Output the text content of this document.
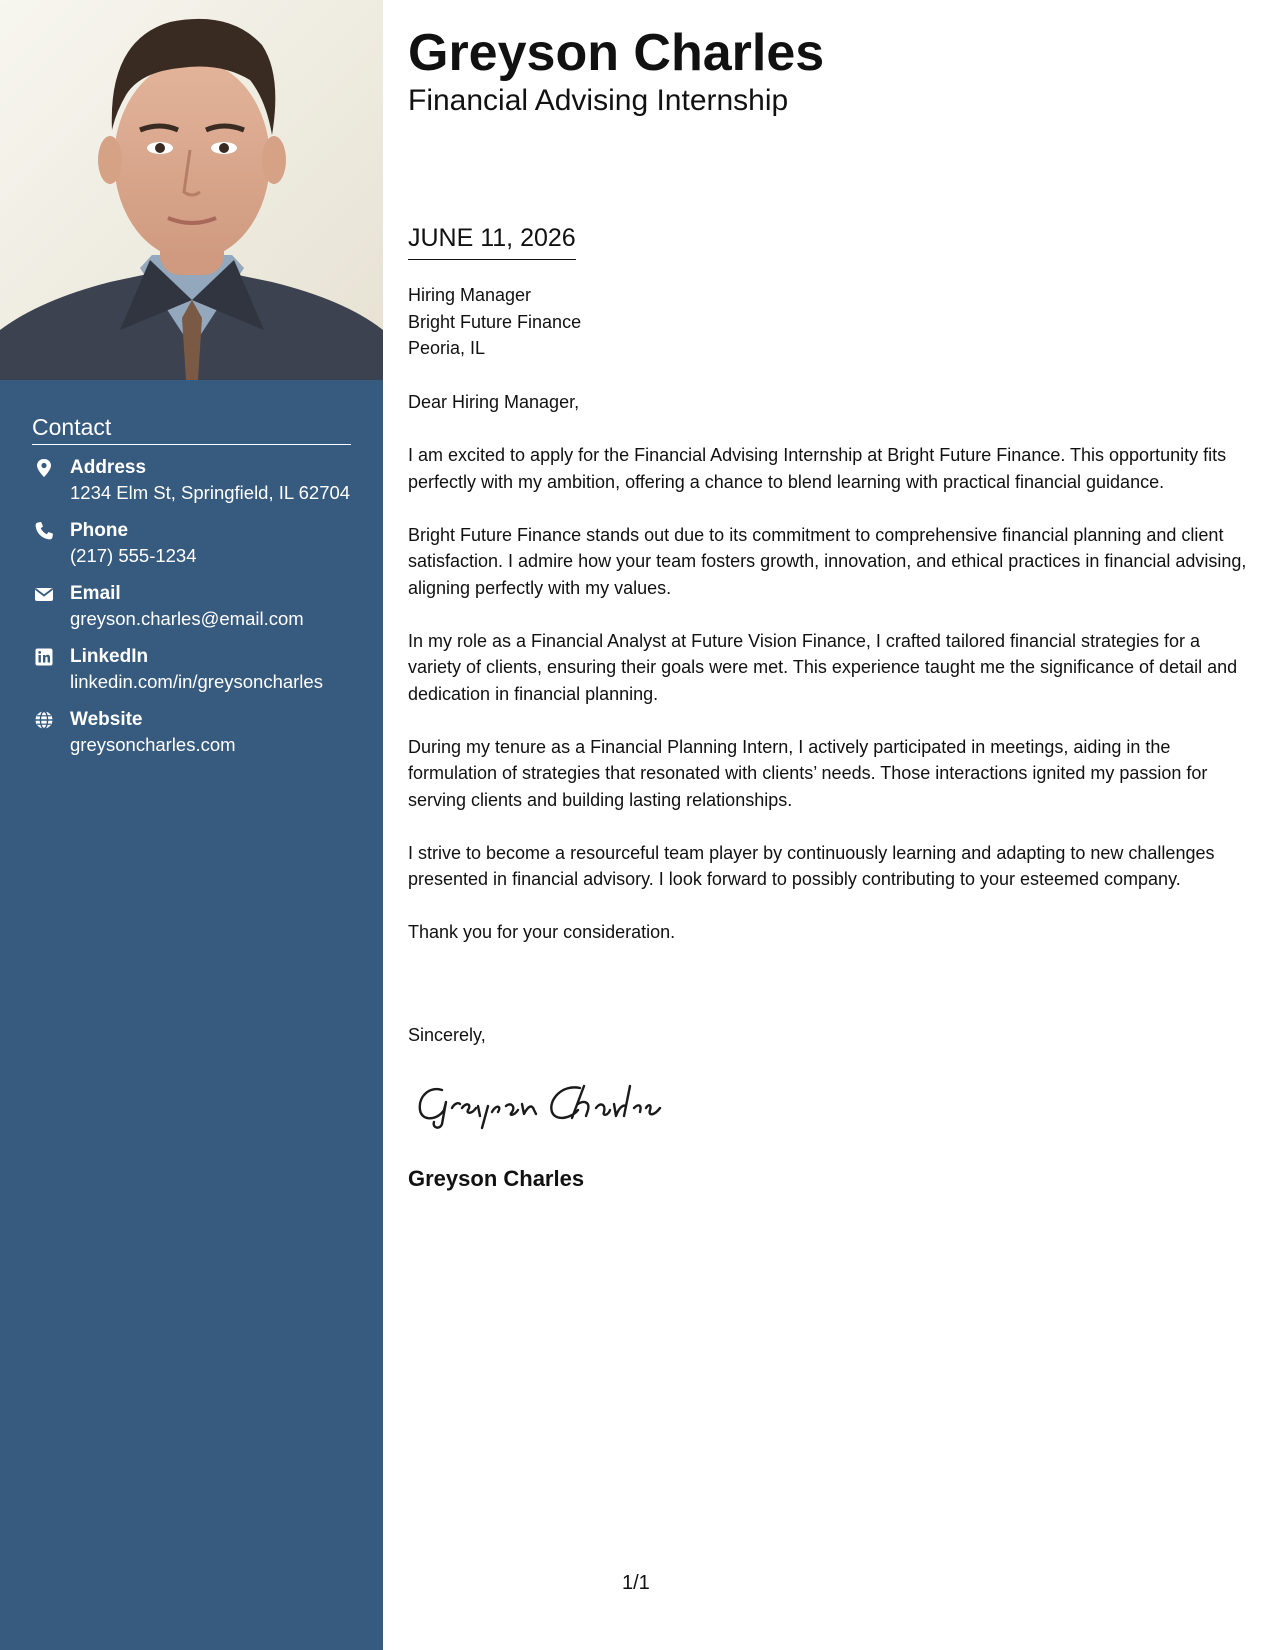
Contact
Address
1234 Elm St, Springfield, IL 62704
Phone
(217) 555-1234
Email
greyson.charles@email.com
LinkedIn
linkedin.com/in/greysoncharles
Website
greysoncharles.com
Greyson Charles
Financial Advising Internship
JUNE 11, 2026
Hiring Manager
Bright Future Finance
Peoria, IL

Dear Hiring Manager,

I am excited to apply for the Financial Advising Internship at Bright Future Finance. This opportunity fits perfectly with my ambition, offering a chance to blend learning with practical financial guidance.

Bright Future Finance stands out due to its commitment to comprehensive financial planning and client satisfaction. I admire how your team fosters growth, innovation, and ethical practices in financial advising, aligning perfectly with my values.

In my role as a Financial Analyst at Future Vision Finance, I crafted tailored financial strategies for a variety of clients, ensuring their goals were met. This experience taught me the significance of detail and dedication in financial planning.

During my tenure as a Financial Planning Intern, I actively participated in meetings, aiding in the formulation of strategies that resonated with clients’ needs. Those interactions ignited my passion for serving clients and building lasting relationships.

I strive to become a resourceful team player by continuously learning and adapting to new challenges presented in financial advisory. I look forward to possibly contributing to your esteemed company.

Thank you for your consideration.

Sincerely,
Greyson Charles
1/1
